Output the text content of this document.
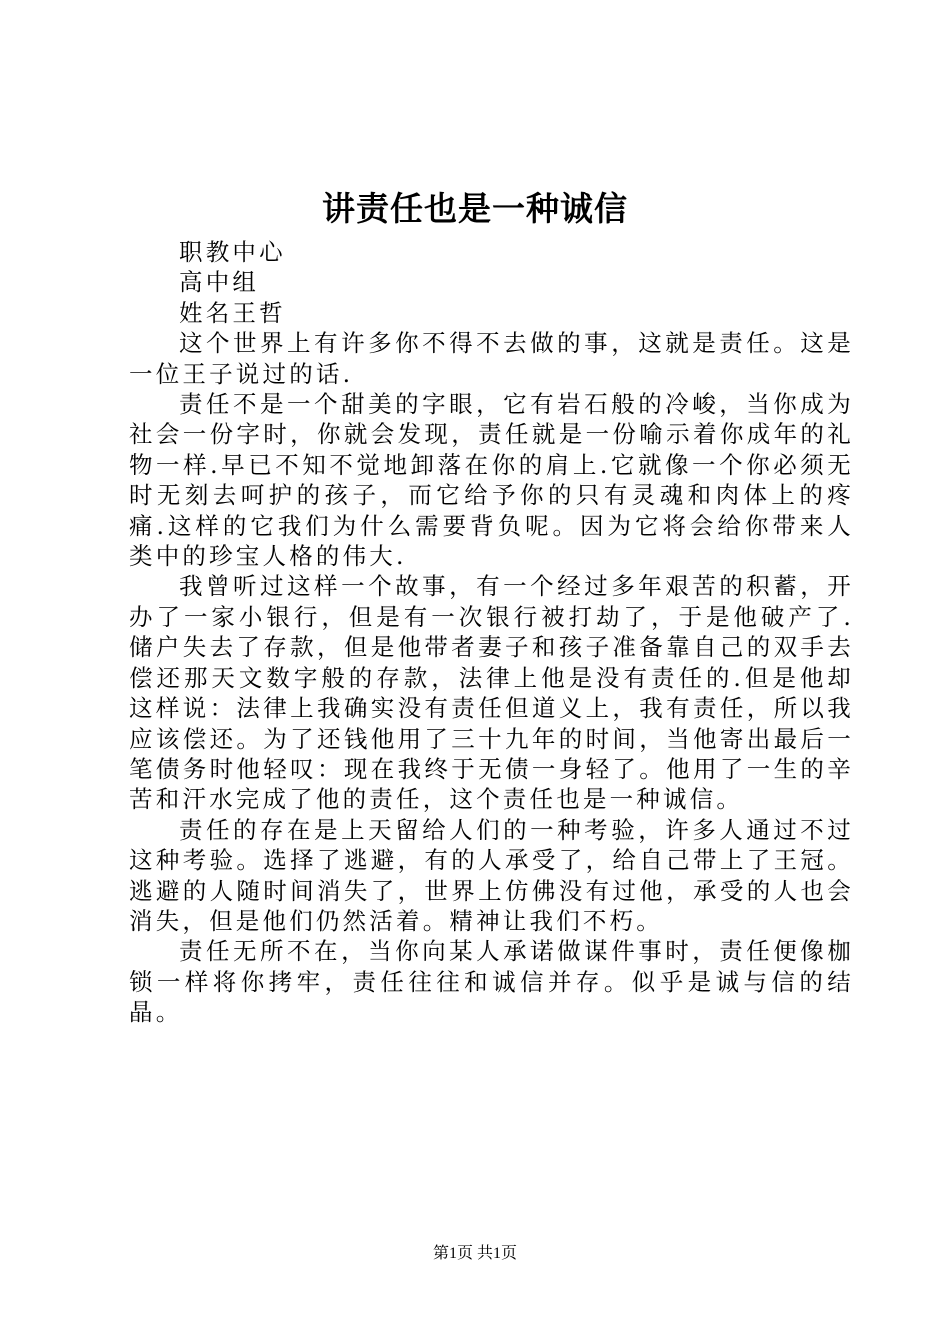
讲责任也是一种诚信

职教中心

高中组

姓名王哲

这个世界上有许多你不得不去做的事，这就是责任。这是一位王子说过的话.

责任不是一个甜美的字眼，它有岩石般的冷峻，当你成为社会一份字时，你就会发现，责任就是一份喻示着你成年的礼物一样.早已不知不觉地卸落在你的肩上.它就像一个你必须无时无刻去呵护的孩子，而它给予你的只有灵魂和肉体上的疼痛.这样的它我们为什么需要背负呢。因为它将会给你带来人类中的珍宝人格的伟大.

我曾听过这样一个故事，有一个经过多年艰苦的积蓄，开办了一家小银行，但是有一次银行被打劫了，于是他破产了.储户失去了存款，但是他带者妻子和孩子准备靠自己的双手去偿还那天文数字般的存款，法律上他是没有责任的.但是他却这样说：法律上我确实没有责任但道义上，我有责任，所以我应该偿还。为了还钱他用了三十九年的时间，当他寄出最后一笔债务时他轻叹：现在我终于无债一身轻了。他用了一生的辛苦和汗水完成了他的责任，这个责任也是一种诚信。

责任的存在是上天留给人们的一种考验，许多人通过不过这种考验。选择了逃避，有的人承受了，给自己带上了王冠。逃避的人随时间消失了，世界上仿佛没有过他，承受的人也会消失，但是他们仍然活着。精神让我们不朽。

责任无所不在，当你向某人承诺做谋件事时，责任便像枷锁一样将你拷牢，责任往往和诚信并存。似乎是诚与信的结晶。

第1页 共1页
